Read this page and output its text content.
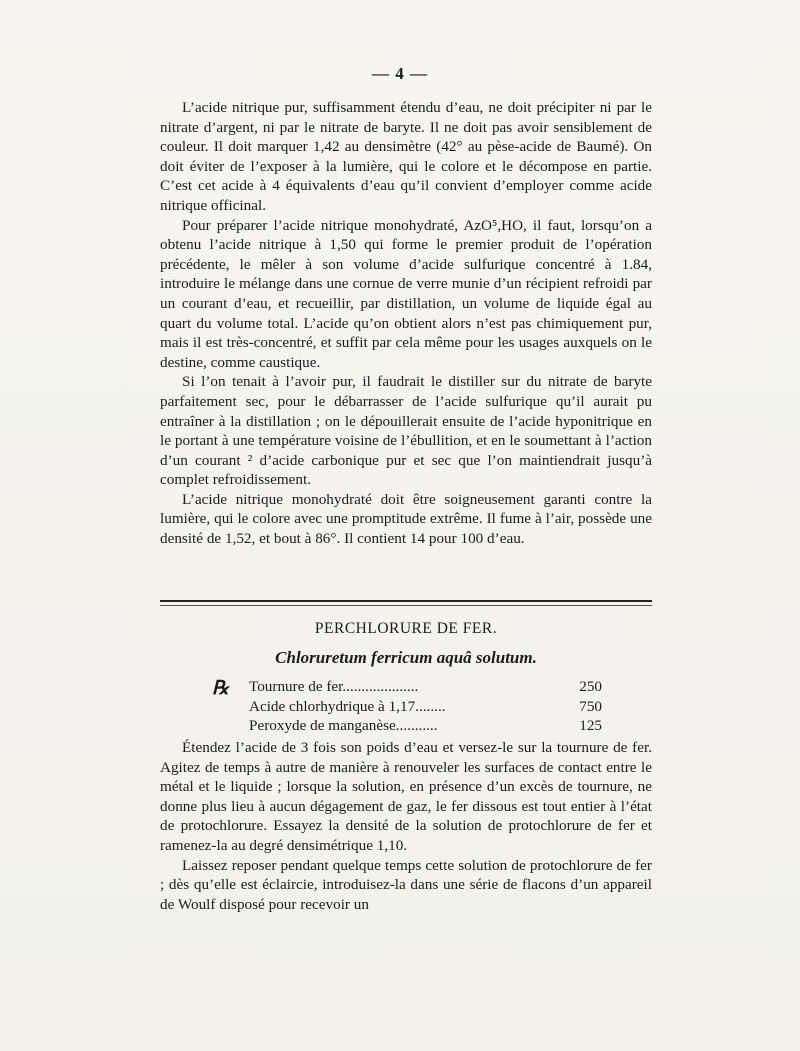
— 4 —

L’acide nitrique pur, suffisamment étendu d’eau, ne doit précipiter ni par le nitrate d’argent, ni par le nitrate de baryte. Il ne doit pas avoir sensiblement de couleur. Il doit marquer 1,42 au densimètre (42° au pèse-acide de Baumé). On doit éviter de l’exposer à la lumière, qui le colore et le décompose en partie. C’est cet acide à 4 équivalents d’eau qu’il convient d’employer comme acide nitrique officinal.

Pour préparer l’acide nitrique monohydraté, AzO⁵,HO, il faut, lorsqu’on a obtenu l’acide nitrique à 1,50 qui forme le premier produit de l’opération précédente, le mêler à son volume d’acide sulfurique concentré à 1.84, introduire le mélange dans une cornue de verre munie d’un récipient refroidi par un courant d’eau, et recueillir, par distillation, un volume de liquide égal au quart du volume total. L’acide qu’on obtient alors n’est pas chimiquement pur, mais il est très-concentré, et suffit par cela même pour les usages auxquels on le destine, comme caustique.

Si l’on tenait à l’avoir pur, il faudrait le distiller sur du nitrate de baryte parfaitement sec, pour le débarrasser de l’acide sulfurique qu’il aurait pu entraîner à la distillation ; on le dépouillerait ensuite de l’acide hyponitrique en le portant à une température voisine de l’ébullition, et en le soumettant à l’action d’un courant ² d’acide carbonique pur et sec que l’on maintiendrait jusqu’à complet refroidissement.

L’acide nitrique monohydraté doit être soigneusement garanti contre la lumière, qui le colore avec une promptitude extrême. Il fume à l’air, possède une densité de 1,52, et bout à 86°. Il contient 14 pour 100 d’eau.

PERCHLORURE DE FER.
Chloruretum ferricum aquâ solutum.
℞ Tournure de fer....................	250
Acide chlorhydrique à 1,17........	750
Peroxyde de manganèse...........	125

Étendez l’acide de 3 fois son poids d’eau et versez-le sur la tournure de fer. Agitez de temps à autre de manière à renouveler les surfaces de contact entre le métal et le liquide ; lorsque la solution, en présence d’un excès de tournure, ne donne plus lieu à aucun dégagement de gaz, le fer dissous est tout entier à l’état de protochlorure. Essayez la densité de la solution de protochlorure de fer et ramenez-la au degré densimétrique 1,10.

Laissez reposer pendant quelque temps cette solution de protochlorure de fer ; dès qu’elle est éclaircie, introduisez-la dans une série de flacons d’un appareil de Woulf disposé pour recevoir un
